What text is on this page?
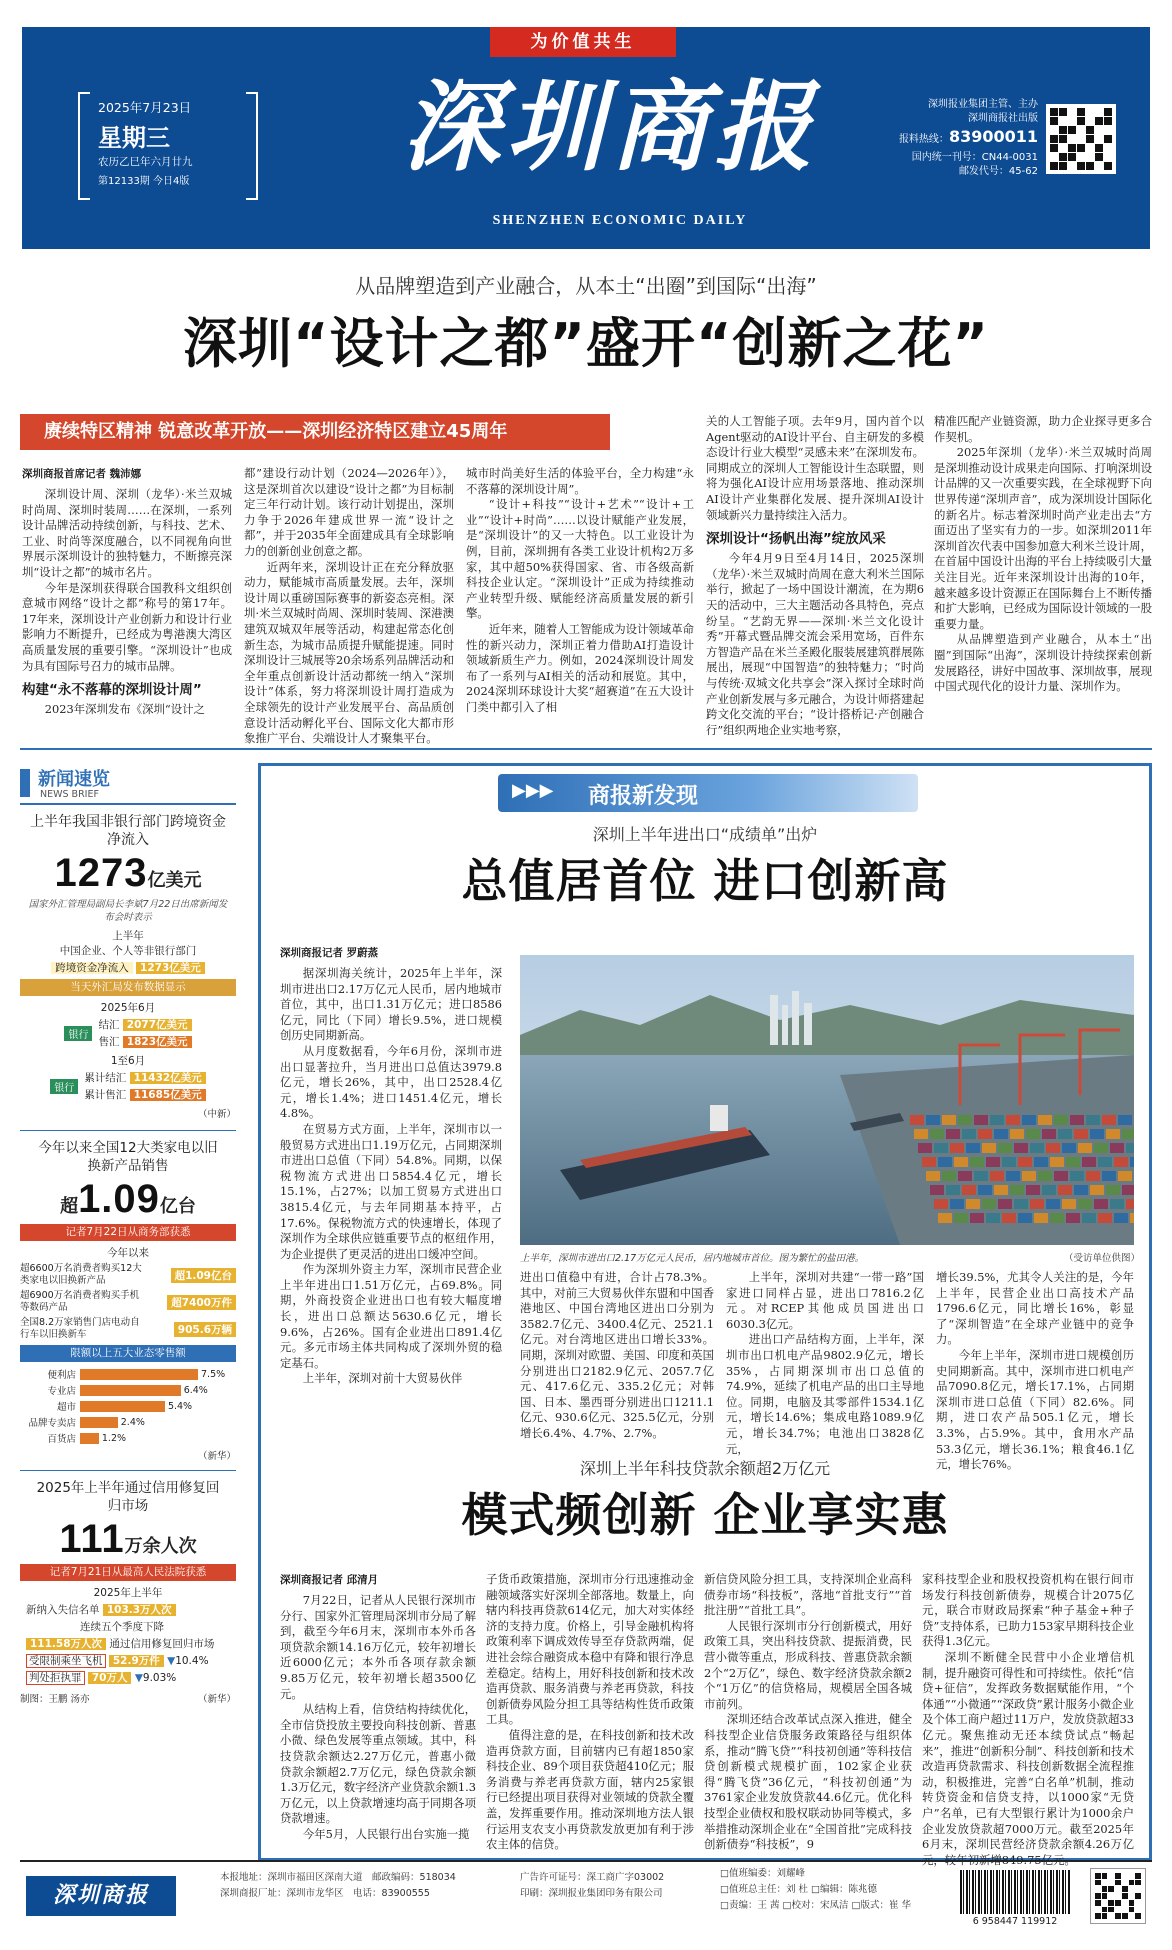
为价值共生
2025年7月23日
星期三
农历乙巳年六月廿九
第12133期 今日4版	深圳商报
SHENZHEN ECONOMIC DAILY
深圳报业集团主管、主办
深圳商报社出版
报料热线：83900011
国内统一刊号：CN44-0031
邮发代号：45-62
从品牌塑造到产业融合，从本土“出圈”到国际“出海”
深圳“设计之都”盛开“创新之花”
赓续特区精神 锐意改革开放——深圳经济特区建立45周年

深圳商报首席记者 魏沛娜

深圳设计周、深圳（龙华）·米兰双城时尚周、深圳时装周……在深圳，一系列设计品牌活动持续创新，与科技、艺术、工业、时尚等深度融合，以不同视角向世界展示深圳设计的独特魅力，不断擦亮深圳“设计之都”的城市名片。

今年是深圳获得联合国教科文组织创意城市网络“设计之都”称号的第17年。17年来，深圳设计产业创新力和设计行业影响力不断提升，已经成为粤港澳大湾区高质量发展的重要引擎。“深圳设计”也成为具有国际号召力的城市品牌。

构建“永不落幕的深圳设计周”

2023年深圳发布《深圳“设计之

都”建设行动计划（2024—2026年）》，这是深圳首次以建设“设计之都”为目标制定三年行动计划。该行动计划提出，深圳力争于2026年建成世界一流“设计之都”，并于2035年全面建成具有全球影响力的创新创业创意之都。

近两年来，深圳设计正在充分释放驱动力，赋能城市高质量发展。去年，深圳设计周以重磅国际赛事的新姿态亮相。深圳·米兰双城时尚周、深圳时装周、深港澳建筑双城双年展等活动，构建起常态化创新生态，为城市品质提升赋能提速。同时深圳设计三城展等20余场系列品牌活动和全年重点创新设计活动都统一纳入“深圳设计”体系，努力将深圳设计周打造成为全球领先的设计产业发展平台、高品质创意设计活动孵化平台、国际文化大都市形象推广平台、尖端设计人才聚集平台。

城市时尚美好生活的体验平台，全力构建“永不落幕的深圳设计周”。

“设计+科技”“设计+艺术”“设计+工业”“设计+时尚”……以设计赋能产业发展，是“深圳设计”的又一大特色。以工业设计为例，目前，深圳拥有各类工业设计机构2万多家，其中超50%获得国家、省、市各级高新科技企业认定。“深圳设计”正成为持续推动产业转型升级、赋能经济高质量发展的新引擎。

近年来，随着人工智能成为设计领域革命性的新兴动力，深圳正着力借助AI打造设计领域新质生产力。例如，2024深圳设计周发布了一系列与AI相关的活动和展览。其中，2024深圳环球设计大奖“超赛道”在五大设计门类中都引入了相

关的人工智能子项。去年9月，国内首个以Agent驱动的AI设计平台、自主研发的多模态设计行业大模型“灵感未来”在深圳发布。同期成立的深圳人工智能设计生态联盟，则将为强化AI设计应用场景落地、推动深圳AI设计产业集群化发展、提升深圳AI设计领域新兴力量持续注入活力。

深圳设计“扬帆出海”绽放风采

今年4月9日至4月14日，2025深圳（龙华）·米兰双城时尚周在意大利米兰国际举行，掀起了一场中国设计潮流，在为期6天的活动中，三大主题活动各具特色，亮点纷呈。“艺韵无界——深圳·米兰文化设计秀”开幕式暨品牌交流会采用宽场，百件东方智造产品在米兰圣殿化服装展建筑群展陈展出，展现“中国智造”的独特魅力；“时尚与传统·双城文化共享会”深入探讨全球时尚产业创新发展与多元融合，为设计师搭建起跨文化交流的平台；“设计搭桥记·产创融合行”组织两地企业实地考察，

精准匹配产业链资源，助力企业探寻更多合作契机。

2025年深圳（龙华）·米兰双城时尚周是深圳推动设计成果走向国际、打响深圳设计品牌的又一次重要实践，在全球视野下向世界传递“深圳声音”，成为深圳设计国际化的新名片。标志着深圳时尚产业走出去“方面迈出了坚实有力的一步。如深圳2011年深圳首次代表中国参加意大利米兰设计周，在首届中国设计出海的平台上持续吸引大量关注目光。近年来深圳设计出海的10年，越来越多设计资源正在国际舞台上不断传播和扩大影响，已经成为国际设计领域的一股重要力量。

从品牌塑造到产业融合，从本土“出圈”到国际“出海”，深圳设计持续探索创新发展路径，讲好中国故事、深圳故事，展现中国式现代化的设计力量、深圳作为。

新闻速览
NEWS BRIEF
上半年我国非银行部门跨境资金净流入
1273亿美元
国家外汇管理局副局长李斌7月22日出席新闻发布会时表示
上半年
中国企业、个人等非银行部门
跨境资金净流入 1273亿美元
当天外汇局发布数据显示
2025年6月
银行
结汇 2077亿美元
售汇 1823亿美元
1至6月
银行
累计结汇 11432亿美元
累计售汇 11685亿美元
（中新）
今年以来全国12大类家电以旧换新产品销售
超1.09亿台
记者7月22日从商务部获悉
今年以来
超6600万名消费者购买12大类家电以旧换新产品	超1.09亿台
超6900万名消费者购买手机等数码产品	超7400万件
全国8.2万家销售门店电动自行车以旧换新车	905.6万辆
限额以上五大业态零售额
便利店	7.5%
专业店	6.4%
超市	5.4%
品牌专卖店	2.4%
百货店	1.2%
（新华）
2025年上半年通过信用修复回归市场
111万余人次
记者7月21日从最高人民法院获悉
2025年上半年
新纳入失信名单 103.3万人次
连续五个季度下降
111.58万人次 通过信用修复回归市场
受限制乘坐飞机 52.9万件 ▼10.4%
判处拒执罪 70万人 ▼9.03%
制图：王鹏 汤亦	（新华）
▶▶▶ 商报新发现
深圳上半年进出口“成绩单”出炉
总值居首位 进口创新高

深圳商报记者 罗蔚蒸

据深圳海关统计，2025年上半年，深圳市进出口2.17万亿元人民币，居内地城市首位，其中，出口1.31万亿元；进口8586亿元，同比（下同）增长9.5%，进口规模创历史同期新高。

从月度数据看，今年6月份，深圳市进出口显著拉升，当月进出口总值达3979.8亿元，增长26%，其中，出口2528.4亿元，增长1.4%；进口1451.4亿元，增长4.8%。

在贸易方式方面，上半年，深圳市以一般贸易方式进出口1.19万亿元，占同期深圳市进出口总值（下同）54.8%。同期，以保税物流方式进出口5854.4亿元，增长15.1%，占27%；以加工贸易方式进出口3815.4亿元，与去年同期基本持平，占17.6%。保税物流方式的快速增长，体现了深圳作为全球供应链重要节点的枢纽作用，为企业提供了更灵活的进出口缓冲空间。

作为深圳外资主力军，深圳市民营企业上半年进出口1.51万亿元，占69.8%。同期，外商投资企业进出口也有较大幅度增长，进出口总额达5630.6亿元，增长9.6%，占26%。国有企业进出口891.4亿元。多元市场主体共同构成了深圳外贸的稳定基石。

上半年，深圳对前十大贸易伙伴

上半年，深圳市进出口2.17万亿元人民币，居内地城市首位。图为繁忙的盐田港。	（受访单位供图）

进出口值稳中有进，合计占78.3%。其中，对前三大贸易伙伴东盟和中国香港地区、中国台湾地区进出口分别为3582.7亿元、3400.4亿元、2521.1亿元。对台湾地区进出口增长33%。同期，深圳对欧盟、美国、印度和英国分别进出口2182.9亿元、2057.7亿元、417.6亿元、335.2亿元；对韩国、日本、墨西哥分别进出口1211.1亿元、930.6亿元、325.5亿元，分别增长6.4%、4.7%、2.7%。

上半年，深圳对共建“一带一路”国家进口同样占显，进出口7816.2亿元。对RCEP其他成员国进出口6030.3亿元。

进出口产品结构方面，上半年，深圳市出口机电产品9802.9亿元，增长35%，占同期深圳市出口总值的74.9%，延续了机电产品的出口主导地位。同期，电脑及其零部件1534.1亿元，增长14.6%；集成电路1089.9亿元，增长34.7%；电池出口3828亿元，

增长39.5%，尤其令人关注的是，今年上半年，民营企业出口高技术产品1796.6亿元，同比增长16%，彰显了“深圳智造”在全球产业链中的竞争力。

今年上半年，深圳市进口规模创历史同期新高。其中，深圳市进口机电产品7090.8亿元，增长17.1%，占同期深圳市进口总值（下同）82.6%。同期，进口农产品505.1亿元，增长3.3%，占5.9%。其中，食用水产品53.3亿元，增长36.1%；粮食46.1亿元，增长76%。

深圳上半年科技贷款余额超2万亿元
模式频创新 企业享实惠

深圳商报记者 邱清月

7月22日，记者从人民银行深圳市分行、国家外汇管理局深圳市分局了解到，截至今年6月末，深圳市本外币各项贷款余额14.16万亿元，较年初增长近6000亿元；本外币各项存款余额9.85万亿元，较年初增长超3500亿元。

从结构上看，信贷结构持续优化，全市信贷投放主要投向科技创新、普惠小微、绿色发展等重点领域。其中，科技贷款余额达2.27万亿元，普惠小微贷款余额超2.7万亿元，绿色贷款余额1.3万亿元，数字经济产业贷款余额1.3万亿元，以上贷款增速均高于同期各项贷款增速。

今年5月，人民银行出台实施一揽

子货币政策措施，深圳市分行迅速推动金融领域落实好深圳全部落地。数量上，向辖内科技再贷款614亿元，加大对实体经济的支持力度。价格上，引导金融机构将政策利率下调成效传导至存贷款两端，促进社会综合融资成本稳中有降和银行净息差稳定。结构上，用好科技创新和技术改造再贷款、服务消费与养老再贷款，科技创新债券风险分担工具等结构性货币政策工具。

值得注意的是，在科技创新和技术改造再贷款方面，目前辖内已有超1850家科技企业、89个项目获贷超410亿元；服务消费与养老再贷款方面，辖内25家银行已经提出项目获得对业领域的贷款全覆盖，发挥重要作用。推动深圳地方法人银行运用支农支小再贷款发放更加有利于涉农主体的信贷。

新信贷风险分担工具，支持深圳企业高科债券市场“科技板”，落地“首批支行”“首批注册”“首批工具”。

人民银行深圳市分行创新模式，用好政策工具，突出科技贷款、提振消费，民营小微等重点，形成科技、普惠贷款余额2个“2万亿”，绿色、数字经济贷款余额2个“1万亿”的信贷格局，规模居全国各城市前列。

深圳还结合改革试点深入推进，健全科技型企业信贷服务政策路径与组织体系，推动“腾飞贷”“科技初创通”等科技信贷创新模式规模扩面，102家企业获得“腾飞贷”36亿元，“科技初创通”为3761家企业发放贷款44.6亿元。优化科技型企业债权和股权联动协同等模式，多举措推动深圳企业在“全国首批”完成科技创新债券“科技板”，9

家科技型企业和股权投资机构在银行间市场发行科技创新债券，规模合计2075亿元，联合市财政局探索“种子基金+种子贷”支持体系，已助力153家早期科技企业获得1.3亿元。

深圳不断健全民营中小企业增信机制，提升融资可得性和可持续性。依托“信贷+征信”，发挥政务数据赋能作用，“个体通”“小微通”“深政贷”累计服务小微企业及个体工商户超过11万户，发放贷款超33亿元。聚焦推动无还本续贷试点“畅起来”，推进“创新积分制”、科技创新和技术改造再贷款需求、科技创新数据全流程推动，积极推进，完善“白名单”机制，推动转贷资金和信贷支持，以1000家“无贷户”名单，已有大型银行累计为1000余户企业发放贷款超7000万元。截至2025年6月末，深圳民营经济贷款余额4.26万亿元，较年初新增849.75亿元。

深圳商报
本报地址：深圳市福田区深南大道　 邮政编码：518034
深圳商报厂址：深圳市龙华区　 电话：83900555
广告许可证号：深工商广字03002
印刷：深圳报业集团印务有限公司
□值班编委：刘耀峰
□值班总主任：刘 杜 □编辑：陈兆德
□责编：王 茜 □校对：宋凤洁 □版式：崔 华
6 958447 119912
